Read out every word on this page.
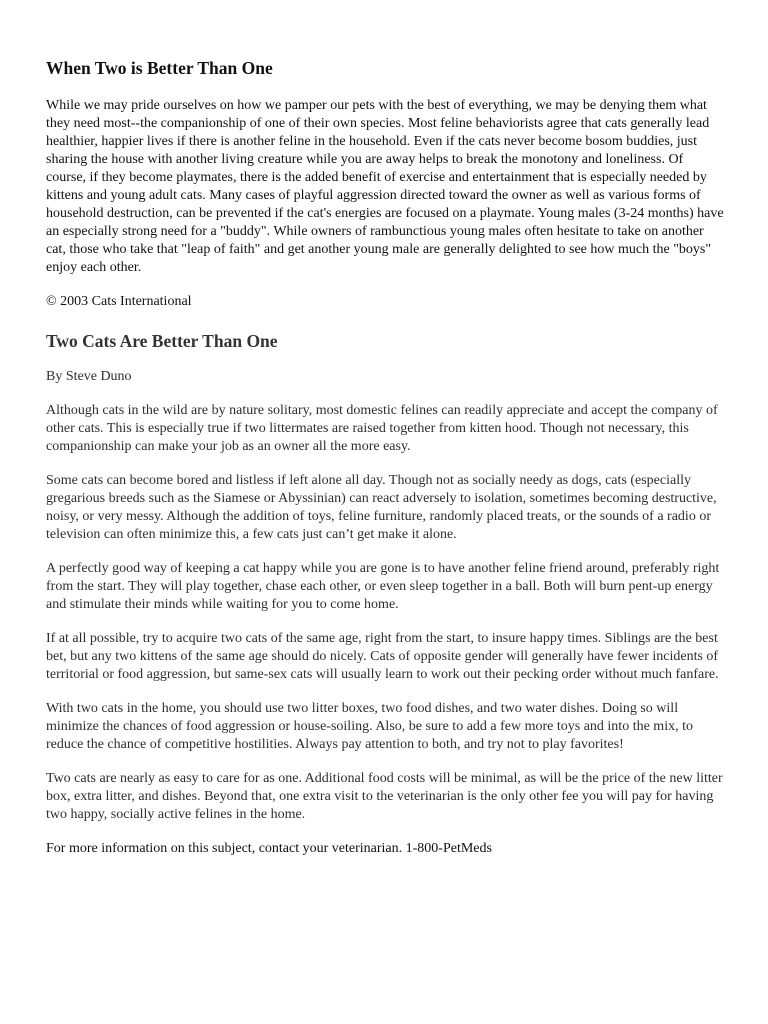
When Two is Better Than One

While we may pride ourselves on how we pamper our pets with the best of everything, we may be denying them what they need most--the companionship of one of their own species. Most feline behaviorists agree that cats generally lead healthier, happier lives if there is another feline in the household. Even if the cats never become bosom buddies, just sharing the house with another living creature while you are away helps to break the monotony and loneliness. Of course, if they become playmates, there is the added benefit of exercise and entertainment that is especially needed by kittens and young adult cats. Many cases of playful aggression directed toward the owner as well as various forms of household destruction, can be prevented if the cat's energies are focused on a playmate. Young males (3-24 months) have an especially strong need for a "buddy". While owners of rambunctious young males often hesitate to take on another cat, those who take that "leap of faith" and get another young male are generally delighted to see how much the "boys" enjoy each other.

© 2003 Cats International

Two Cats Are Better Than One

By Steve Duno

Although cats in the wild are by nature solitary, most domestic felines can readily appreciate and accept the company of other cats. This is especially true if two littermates are raised together from kitten hood. Though not necessary, this companionship can make your job as an owner all the more easy.

Some cats can become bored and listless if left alone all day. Though not as socially needy as dogs, cats (especially gregarious breeds such as the Siamese or Abyssinian) can react adversely to isolation, sometimes becoming destructive, noisy, or very messy. Although the addition of toys, feline furniture, randomly placed treats, or the sounds of a radio or television can often minimize this, a few cats just can’t get make it alone.

A perfectly good way of keeping a cat happy while you are gone is to have another feline friend around, preferably right from the start. They will play together, chase each other, or even sleep together in a ball. Both will burn pent-up energy and stimulate their minds while waiting for you to come home.

If at all possible, try to acquire two cats of the same age, right from the start, to insure happy times. Siblings are the best bet, but any two kittens of the same age should do nicely. Cats of opposite gender will generally have fewer incidents of territorial or food aggression, but same-sex cats will usually learn to work out their pecking order without much fanfare.

With two cats in the home, you should use two litter boxes, two food dishes, and two water dishes. Doing so will minimize the chances of food aggression or house-soiling. Also, be sure to add a few more toys and into the mix, to reduce the chance of competitive hostilities. Always pay attention to both, and try not to play favorites!

Two cats are nearly as easy to care for as one. Additional food costs will be minimal, as will be the price of the new litter box, extra litter, and dishes. Beyond that, one extra visit to the veterinarian is the only other fee you will pay for having two happy, socially active felines in the home.

For more information on this subject, contact your veterinarian. 1-800-PetMeds
